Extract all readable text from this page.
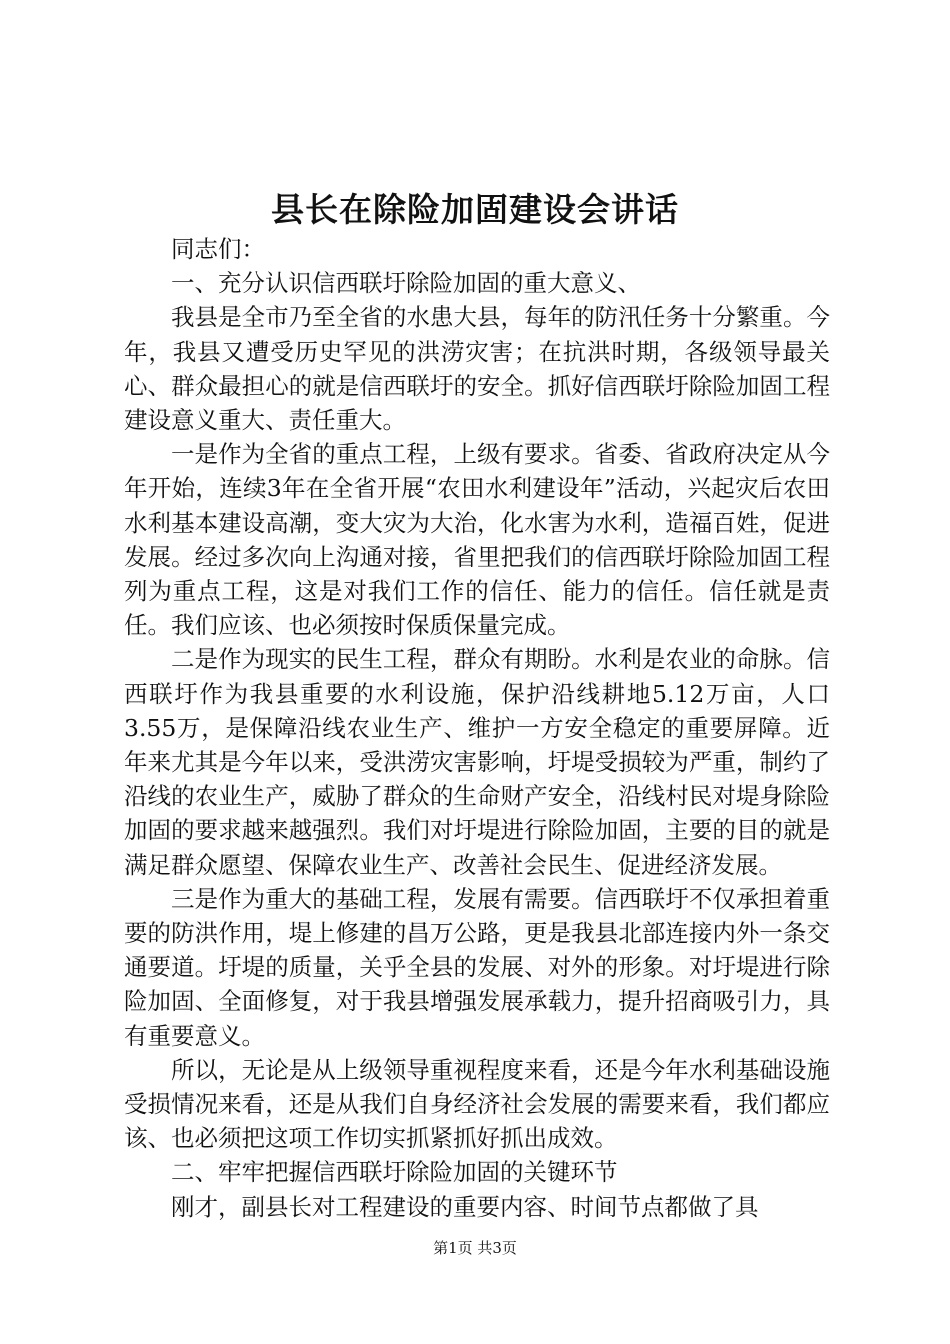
县长在除险加固建设会讲话

同志们：

一、充分认识信西联圩除险加固的重大意义、

我县是全市乃至全省的水患大县，每年的防汛任务十分繁重。今年，我县又遭受历史罕见的洪涝灾害；在抗洪时期，各级领导最关心、群众最担心的就是信西联圩的安全。抓好信西联圩除险加固工程建设意义重大、责任重大。

一是作为全省的重点工程，上级有要求。省委、省政府决定从今年开始，连续3年在全省开展“农田水利建设年”活动，兴起灾后农田水利基本建设高潮，变大灾为大治，化水害为水利，造福百姓，促进发展。经过多次向上沟通对接，省里把我们的信西联圩除险加固工程列为重点工程，这是对我们工作的信任、能力的信任。信任就是责任。我们应该、也必须按时保质保量完成。

二是作为现实的民生工程，群众有期盼。水利是农业的命脉。信西联圩作为我县重要的水利设施，保护沿线耕地5.12万亩，人口3.55万，是保障沿线农业生产、维护一方安全稳定的重要屏障。近年来尤其是今年以来，受洪涝灾害影响，圩堤受损较为严重，制约了沿线的农业生产，威胁了群众的生命财产安全，沿线村民对堤身除险加固的要求越来越强烈。我们对圩堤进行除险加固，主要的目的就是满足群众愿望、保障农业生产、改善社会民生、促进经济发展。

三是作为重大的基础工程，发展有需要。信西联圩不仅承担着重要的防洪作用，堤上修建的昌万公路，更是我县北部连接内外一条交通要道。圩堤的质量，关乎全县的发展、对外的形象。对圩堤进行除险加固、全面修复，对于我县增强发展承载力，提升招商吸引力，具有重要意义。

所以，无论是从上级领导重视程度来看，还是今年水利基础设施受损情况来看，还是从我们自身经济社会发展的需要来看，我们都应该、也必须把这项工作切实抓紧抓好抓出成效。

二、牢牢把握信西联圩除险加固的关键环节

刚才，副县长对工程建设的重要内容、时间节点都做了具

第1页 共3页
